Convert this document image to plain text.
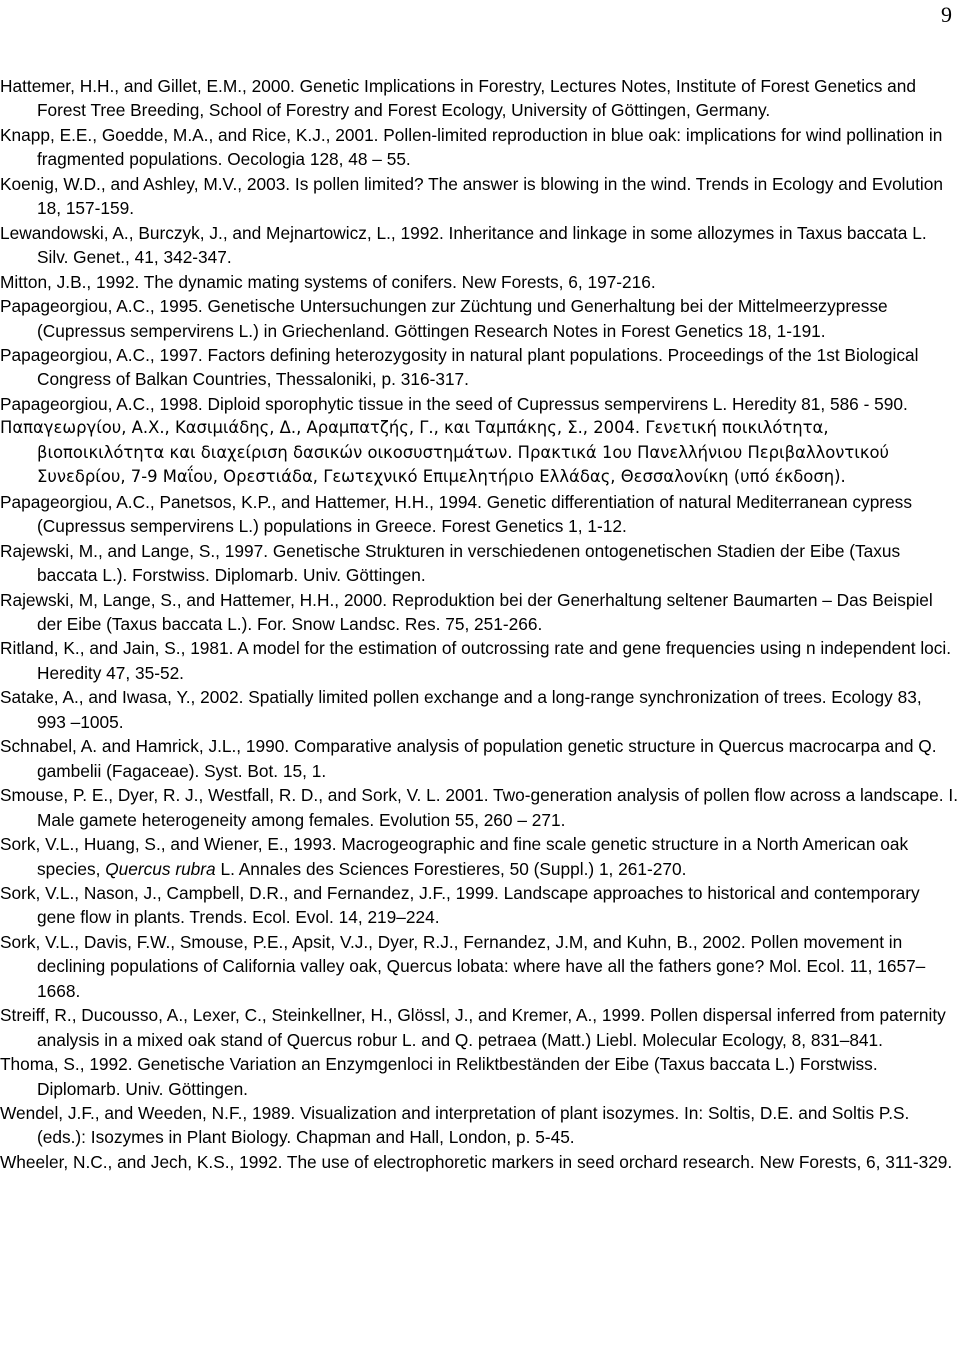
9

Hattemer, H.H., and Gillet, E.M., 2000. Genetic Implications in Forestry, Lectures Notes, Institute of Forest Genetics and Forest Tree Breeding, School of Forestry and Forest Ecology, University of Göttingen, Germany.

Knapp, E.E., Goedde, M.A., and Rice, K.J., 2001. Pollen-limited reproduction in blue oak: implications for wind pollination in fragmented populations. Oecologia 128, 48 – 55.

Koenig, W.D., and Ashley, M.V., 2003. Is pollen limited? The answer is blowing in the wind. Trends in Ecology and Evolution 18, 157-159.

Lewandowski, A., Burczyk, J., and Mejnartowicz, L., 1992. Inheritance and linkage in some allozymes in Taxus baccata L. Silv. Genet., 41, 342-347.

Mitton, J.B., 1992. The dynamic mating systems of conifers. New Forests, 6, 197-216.

Papageorgiou, A.C., 1995. Genetische Untersuchungen zur Züchtung und Generhaltung bei der Mittelmeerzypresse (Cupressus sempervirens L.) in Griechenland. Göttingen Research Notes in Forest Genetics 18, 1-191.

Papageorgiou, A.C., 1997. Factors defining heterozygosity in natural plant populations. Proceedings of the 1st Biological Congress of Balkan Countries, Thessaloniki, p. 316-317.

Papageorgiou, A.C., 1998. Diploid sporophytic tissue in the seed of Cupressus sempervirens L. Heredity 81, 586 - 590.

Παπαγεωργίου, Α.Χ., Κασιμιάδης, Δ., Αραμπατζής, Γ., και Ταμπάκης, Σ., 2004. Γενετική ποικιλότητα, βιοποικιλότητα και διαχείριση δασικών οικοσυστημάτων. Πρακτικά 1ου Πανελλήνιου Περιβαλλοντικού Συνεδρίου, 7-9 Μαΐου, Ορεστιάδα, Γεωτεχνικό Επιμελητήριο Ελλάδας, Θεσσαλονίκη (υπό έκδοση).

Papageorgiou, A.C., Panetsos, K.P., and Hattemer, H.H., 1994. Genetic differentiation of natural Mediterranean cypress (Cupressus sempervirens L.) populations in Greece. Forest Genetics 1, 1-12.

Rajewski, M., and Lange, S., 1997. Genetische Strukturen in verschiedenen ontogenetischen Stadien der Eibe (Taxus baccata L.). Forstwiss. Diplomarb. Univ. Göttingen.

Rajewski, M, Lange, S., and Hattemer, H.H., 2000. Reproduktion bei der Generhaltung seltener Baumarten – Das Beispiel der Eibe (Taxus baccata L.). For. Snow Landsc. Res. 75, 251-266.

Ritland, K., and Jain, S., 1981. A model for the estimation of outcrossing rate and gene frequencies using n independent loci. Heredity 47, 35-52.

Satake, A., and Iwasa, Y., 2002. Spatially limited pollen exchange and a long-range synchronization of trees. Ecology 83, 993 –1005.

Schnabel, A. and Hamrick, J.L., 1990. Comparative analysis of population genetic structure in Quercus macrocarpa and Q. gambelii (Fagaceae). Syst. Bot. 15, 1.

Smouse, P. E., Dyer, R. J., Westfall, R. D., and Sork, V. L. 2001. Two-generation analysis of pollen flow across a landscape. I. Male gamete heterogeneity among females. Evolution 55, 260 – 271.

Sork, V.L., Huang, S., and Wiener, E., 1993. Macrogeographic and fine scale genetic structure in a North American oak species, Quercus rubra L. Annales des Sciences Forestieres, 50 (Suppl.) 1, 261-270.

Sork, V.L., Nason, J., Campbell, D.R., and Fernandez, J.F., 1999. Landscape approaches to historical and contemporary gene flow in plants. Trends. Ecol. Evol. 14, 219–224.

Sork, V.L., Davis, F.W., Smouse, P.E., Apsit, V.J., Dyer, R.J., Fernandez, J.M, and Kuhn, B., 2002. Pollen movement in declining populations of California valley oak, Quercus lobata: where have all the fathers gone? Mol. Ecol. 11, 1657–1668.

Streiff, R., Ducousso, A., Lexer, C., Steinkellner, H., Glössl, J., and Kremer, A., 1999. Pollen dispersal inferred from paternity analysis in a mixed oak stand of Quercus robur L. and Q. petraea (Matt.) Liebl. Molecular Ecology, 8, 831–841.

Thoma, S., 1992. Genetische Variation an Enzymgenloci in Reliktbeständen der Eibe (Taxus baccata L.) Forstwiss. Diplomarb. Univ. Göttingen.

Wendel, J.F., and Weeden, N.F., 1989. Visualization and interpretation of plant isozymes. In: Soltis, D.E. and Soltis P.S. (eds.): Isozymes in Plant Biology. Chapman and Hall, London, p. 5-45.

Wheeler, N.C., and Jech, K.S., 1992. The use of electrophoretic markers in seed orchard research. New Forests, 6, 311-329.
